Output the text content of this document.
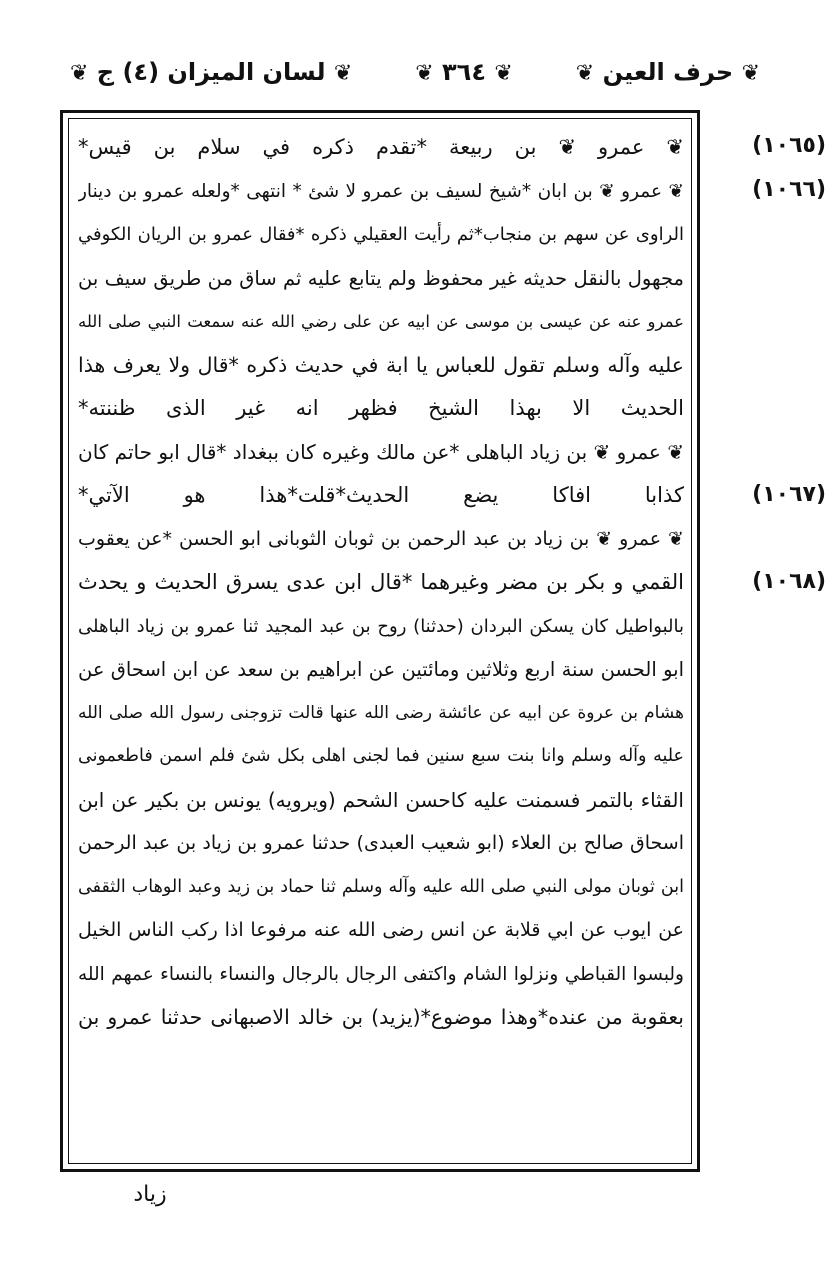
❦ حرف العين ❦
❦ ٣٦٤ ❦
❦ لسان الميزان (٤) ج ❦
(١٠٦٥)
(١٠٦٦)
(١٠٦٧)
(١٠٦٨)
❦ عمرو ❦ بن ربيعة *تقدم ذكره في سلام بن قيس*
❦ عمرو ❦ بن ابان *شيخ لسيف بن عمرو لا شئ * انتهى *ولعله عمرو بن دينار
الراوى عن سهم بن منجاب*ثم رأيت العقيلي ذكره *فقال عمرو بن الريان الكوفي
مجهول بالنقل حديثه غير محفوظ ولم يتابع عليه ثم ساق من طريق سيف بن
عمرو عنه عن عيسى بن موسى عن ابيه عن على رضي الله عنه سمعت النبي صلى الله
عليه وآله وسلم تقول للعباس يا ابة في حديث ذكره *قال ولا يعرف هذا
الحديث الا بهذا الشيخ فظهر انه غير الذى ظننته*
❦ عمرو ❦ بن زياد الباهلى *عن مالك وغيره كان ببغداد *قال ابو حاتم كان
كذابا افاكا يضع الحديث*قلت*هذا هو الآتي*
❦ عمرو ❦ بن زياد بن عبد الرحمن بن ثوبان الثوبانى ابو الحسن *عن يعقوب
القمي و بكر بن مضر وغيرهما *قال ابن عدى يسرق الحديث و يحدث
بالبواطيل كان يسكن البردان (حدثنا) روح بن عبد المجيد ثنا عمرو بن زياد الباهلى
ابو الحسن سنة اربع وثلاثين ومائتين عن ابراهيم بن سعد عن ابن اسحاق عن
هشام بن عروة عن ابيه عن عائشة رضى الله عنها قالت تزوجنى رسول الله صلى الله
عليه وآله وسلم وانا بنت سبع سنين فما لجنى اهلى بكل شئ فلم اسمن فاطعمونى
القثاء بالتمر فسمنت عليه كاحسن الشحم (ويرويه) يونس بن بكير عن ابن
اسحاق صالح بن العلاء (ابو شعيب العبدى) حدثنا عمرو بن زياد بن عبد الرحمن
ابن ثوبان مولى النبي صلى الله عليه وآله وسلم ثنا حماد بن زيد وعبد الوهاب الثقفى
عن ايوب عن ابي قلابة عن انس رضى الله عنه مرفوعا اذا ركب الناس الخيل
ولبسوا القباطي ونزلوا الشام واكتفى الرجال بالرجال والنساء بالنساء عمهم الله
بعقوبة من عنده*وهذا موضوع*(يزيد) بن خالد الاصبهانى حدثنا عمرو بن
زياد
